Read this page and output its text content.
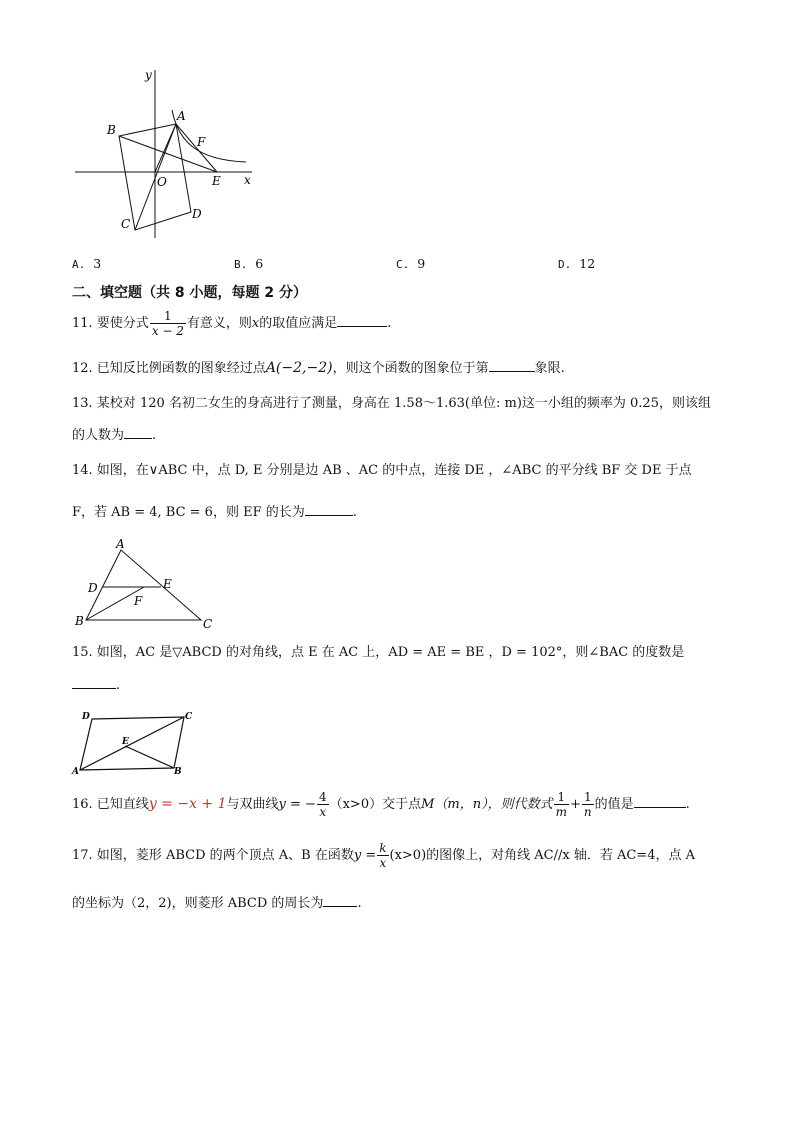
y
A
B
F
O	E x
D
C
A. 3	B. 6	C. 9	D. 12
二、填空题（共 8 小题，每题 2 分）
11. 要使分式 $\frac{1}{x - 2}$ 有意义，则x的取值应满足	.
12. 已知反比例函数的图象经过点A(−2,−2)，则这个函数的图象位于第	象限.
13. 某校对 120 名初二女生的身高进行了测量，身高在 1.58～1.63(单位: m)这一小组的频率为 0.25，则该组
的人数为 .
14. 如图，在∨ABC 中，点 D, E 分别是边 AB 、AC 的中点，连接 DE ，∠ABC 的平分线 BF 交 DE 于点
F，若 AB = 4, BC = 6，则 EF 的长为	.
A
D	E
F
B	C
15. 如图，AC 是▽ABCD 的对角线，点 E 在 AC 上，AD = AE = BE ，D = 102°，则∠BAC 的度数是
.
D	C
E
A	B
16. 已知直线y = −x + 1与双曲线y = − $\frac{4}{x} (x>0)$交于点M（m，n），则代数式 $\frac{1}{m} + \frac{1}{n}$ 的值是	.
17. 如图，菱形 ABCD 的两个顶点 A、B 在函数$y = \frac{k}{x} (x>0)$的图像上，对角线 AC//x 轴．若 AC=4，点 A
的坐标为（2，2)，则菱形 ABCD 的周长为	.
